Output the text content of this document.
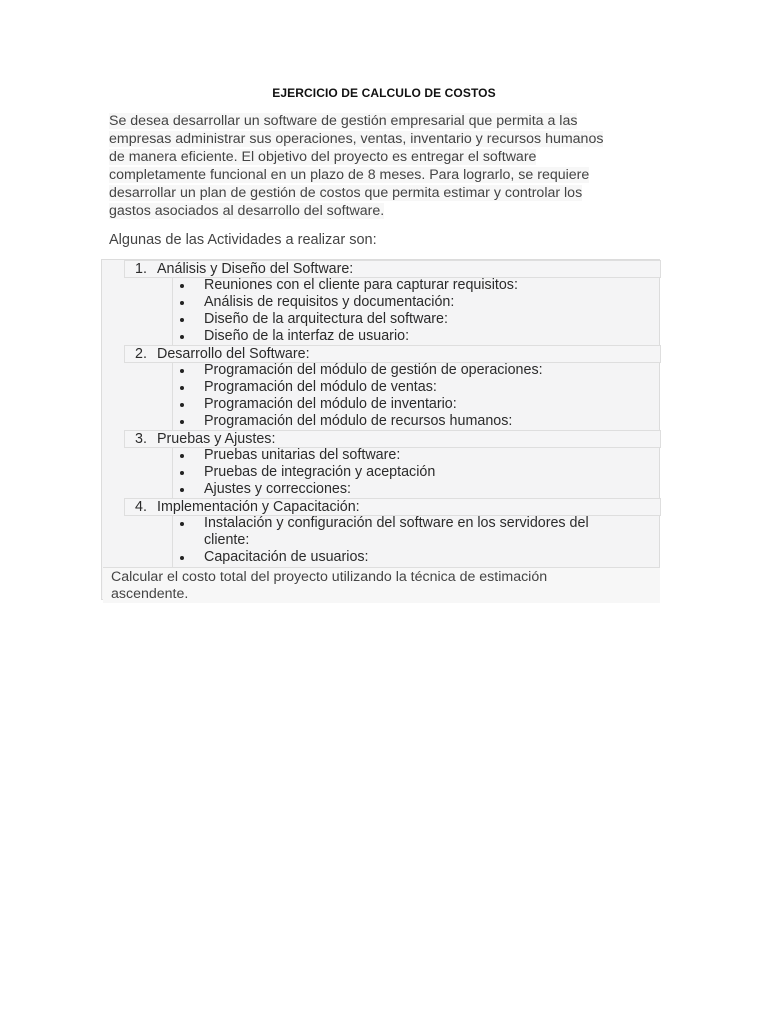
EJERCICIO DE CALCULO DE COSTOS
Se desea desarrollar un software de gestión empresarial que permita a las
empresas administrar sus operaciones, ventas, inventario y recursos humanos
de manera eficiente. El objetivo del proyecto es entregar el software
completamente funcional en un plazo de 8 meses. Para lograrlo, se requiere
desarrollar un plan de gestión de costos que permita estimar y controlar los
gastos asociados al desarrollo del software.
Algunas de las Actividades a realizar son:
1. Análisis y Diseño del Software:
Reuniones con el cliente para capturar requisitos:
Análisis de requisitos y documentación:
Diseño de la arquitectura del software:
Diseño de la interfaz de usuario:
2. Desarrollo del Software:
Programación del módulo de gestión de operaciones:
Programación del módulo de ventas:
Programación del módulo de inventario:
Programación del módulo de recursos humanos:
3. Pruebas y Ajustes:
Pruebas unitarias del software:
Pruebas de integración y aceptación
Ajustes y correcciones:
4. Implementación y Capacitación:
Instalación y configuración del software en los servidores del
cliente:
Capacitación de usuarios:
Calcular el costo total del proyecto utilizando la técnica de estimación
ascendente.
